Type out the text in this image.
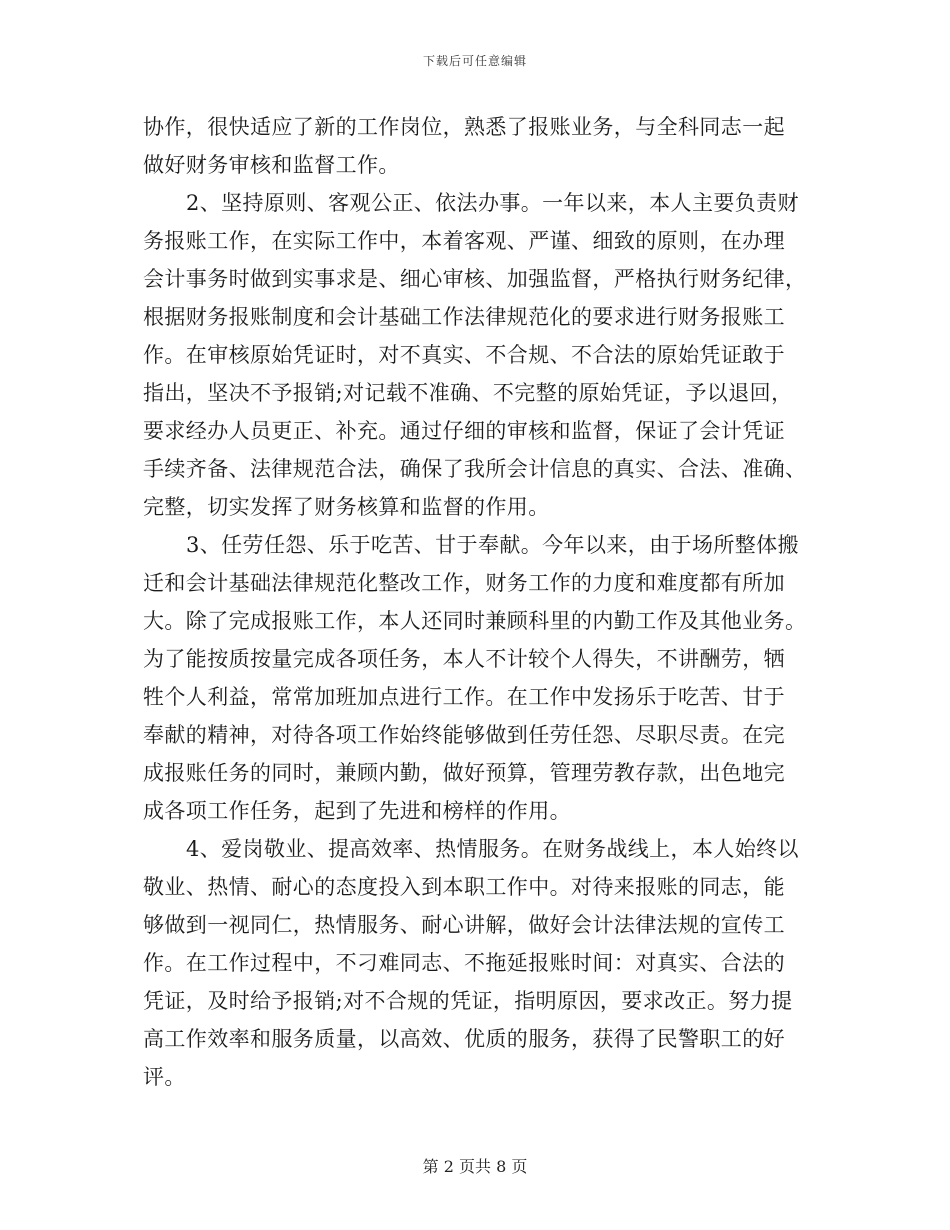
下载后可任意编辑
协作，很快适应了新的工作岗位，熟悉了报账业务，与全科同志一起
做好财务审核和监督工作。
2、坚持原则、客观公正、依法办事。一年以来，本人主要负责财
务报账工作，在实际工作中，本着客观、严谨、细致的原则，在办理
会计事务时做到实事求是、细心审核、加强监督，严格执行财务纪律，
根据财务报账制度和会计基础工作法律规范化的要求进行财务报账工
作。在审核原始凭证时，对不真实、不合规、不合法的原始凭证敢于
指出，坚决不予报销;对记载不准确、不完整的原始凭证，予以退回，
要求经办人员更正、补充。通过仔细的审核和监督，保证了会计凭证
手续齐备、法律规范合法，确保了我所会计信息的真实、合法、准确、
完整，切实发挥了财务核算和监督的作用。
3、任劳任怨、乐于吃苦、甘于奉献。今年以来，由于场所整体搬
迁和会计基础法律规范化整改工作，财务工作的力度和难度都有所加
大。除了完成报账工作，本人还同时兼顾科里的内勤工作及其他业务。
为了能按质按量完成各项任务，本人不计较个人得失，不讲酬劳，牺
牲个人利益，常常加班加点进行工作。在工作中发扬乐于吃苦、甘于
奉献的精神，对待各项工作始终能够做到任劳任怨、尽职尽责。在完
成报账任务的同时，兼顾内勤，做好预算，管理劳教存款，出色地完
成各项工作任务，起到了先进和榜样的作用。
4、爱岗敬业、提高效率、热情服务。在财务战线上，本人始终以
敬业、热情、耐心的态度投入到本职工作中。对待来报账的同志，能
够做到一视同仁，热情服务、耐心讲解，做好会计法律法规的宣传工
作。在工作过程中，不刁难同志、不拖延报账时间：对真实、合法的
凭证，及时给予报销;对不合规的凭证，指明原因，要求改正。努力提
高工作效率和服务质量，以高效、优质的服务，获得了民警职工的好
评。
第 2 页共 8 页
